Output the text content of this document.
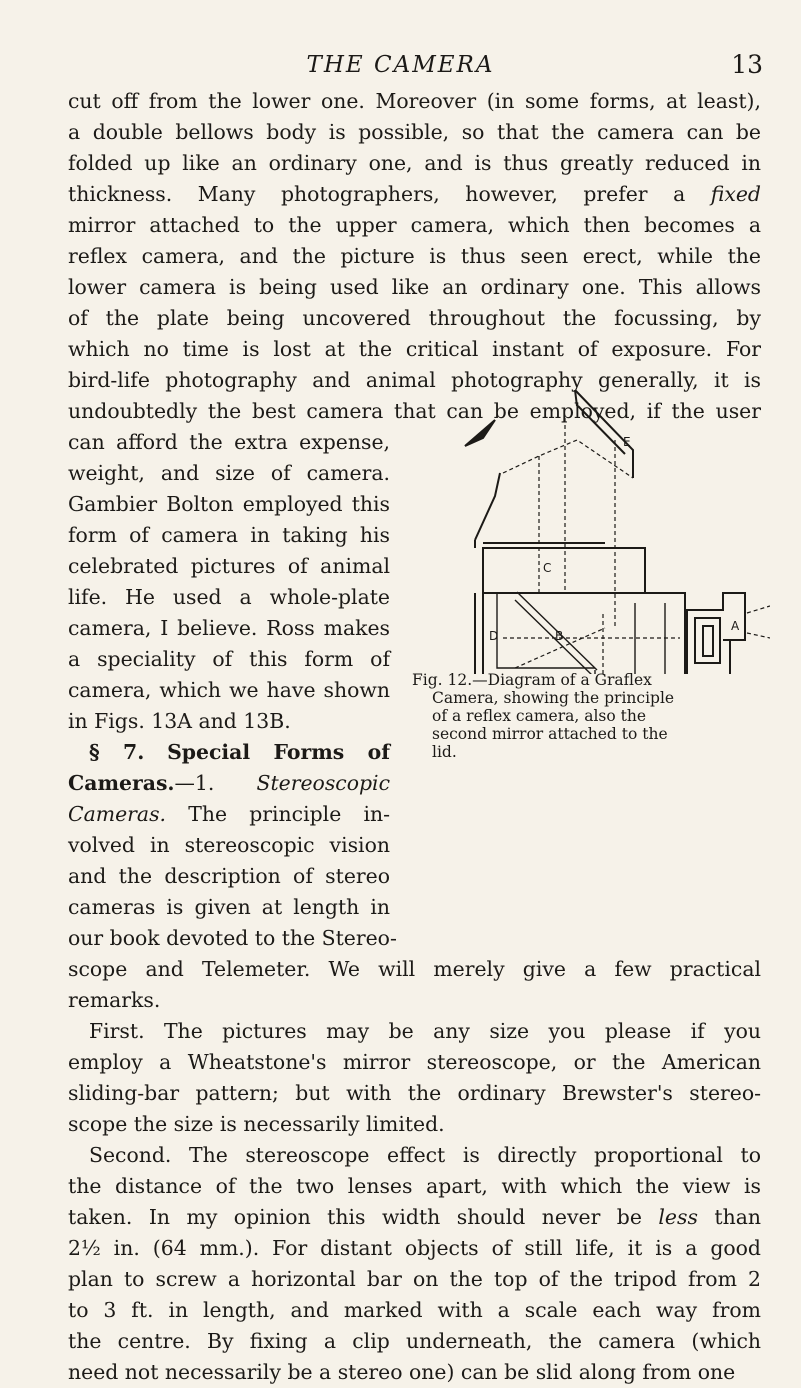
THE CAMERA	13
cut off from the lower one. Moreover (in some forms, at least),
a double bellows body is possible, so that the camera can be
folded up like an ordinary one, and is thus greatly reduced in
thickness. Many photographers, however, prefer a fixed
mirror attached to the upper camera, which then becomes a
reflex camera, and the picture is thus seen erect, while the
lower camera is being used like an ordinary one. This allows
of the plate being uncovered throughout the focussing, by
which no time is lost at the critical instant of exposure. For
bird-life photography and animal photography generally, it is
undoubtedly the best camera that can be employed, if the user
can afford the extra expense,
weight, and size of camera.
Gambier Bolton employed this
form of camera in taking his
celebrated pictures of animal
life. He used a whole-plate
camera, I believe. Ross makes
a speciality of this form of
camera, which we have shown
in Figs. 13A and 13B.
§ 7. Special Forms of
Cameras.—1. Stereoscopic
Cameras. The principle in-
volved in stereoscopic vision
and the description of stereo
cameras is given at length in
our book devoted to the Stereo-
scope and Telemeter. We will merely give a few practical
remarks.
First. The pictures may be any size you please if you
employ a Wheatstone's mirror stereoscope, or the American
sliding-bar pattern; but with the ordinary Brewster's stereo-
scope the size is necessarily limited.
Second. The stereoscope effect is directly proportional to
the distance of the two lenses apart, with which the view is
taken. In my opinion this width should never be less than
2½ in. (64 mm.). For distant objects of still life, it is a good
plan to screw a horizontal bar on the top of the tripod from 2
to 3 ft. in length, and marked with a scale each way from
the centre. By fixing a clip underneath, the camera (which
need not necessarily be a stereo one) can be slid along from one
E
C
D	B
A
Fig. 12.—Diagram of a Graflex
Camera, showing the principle
of a reflex camera, also the
second mirror attached to the
lid.
